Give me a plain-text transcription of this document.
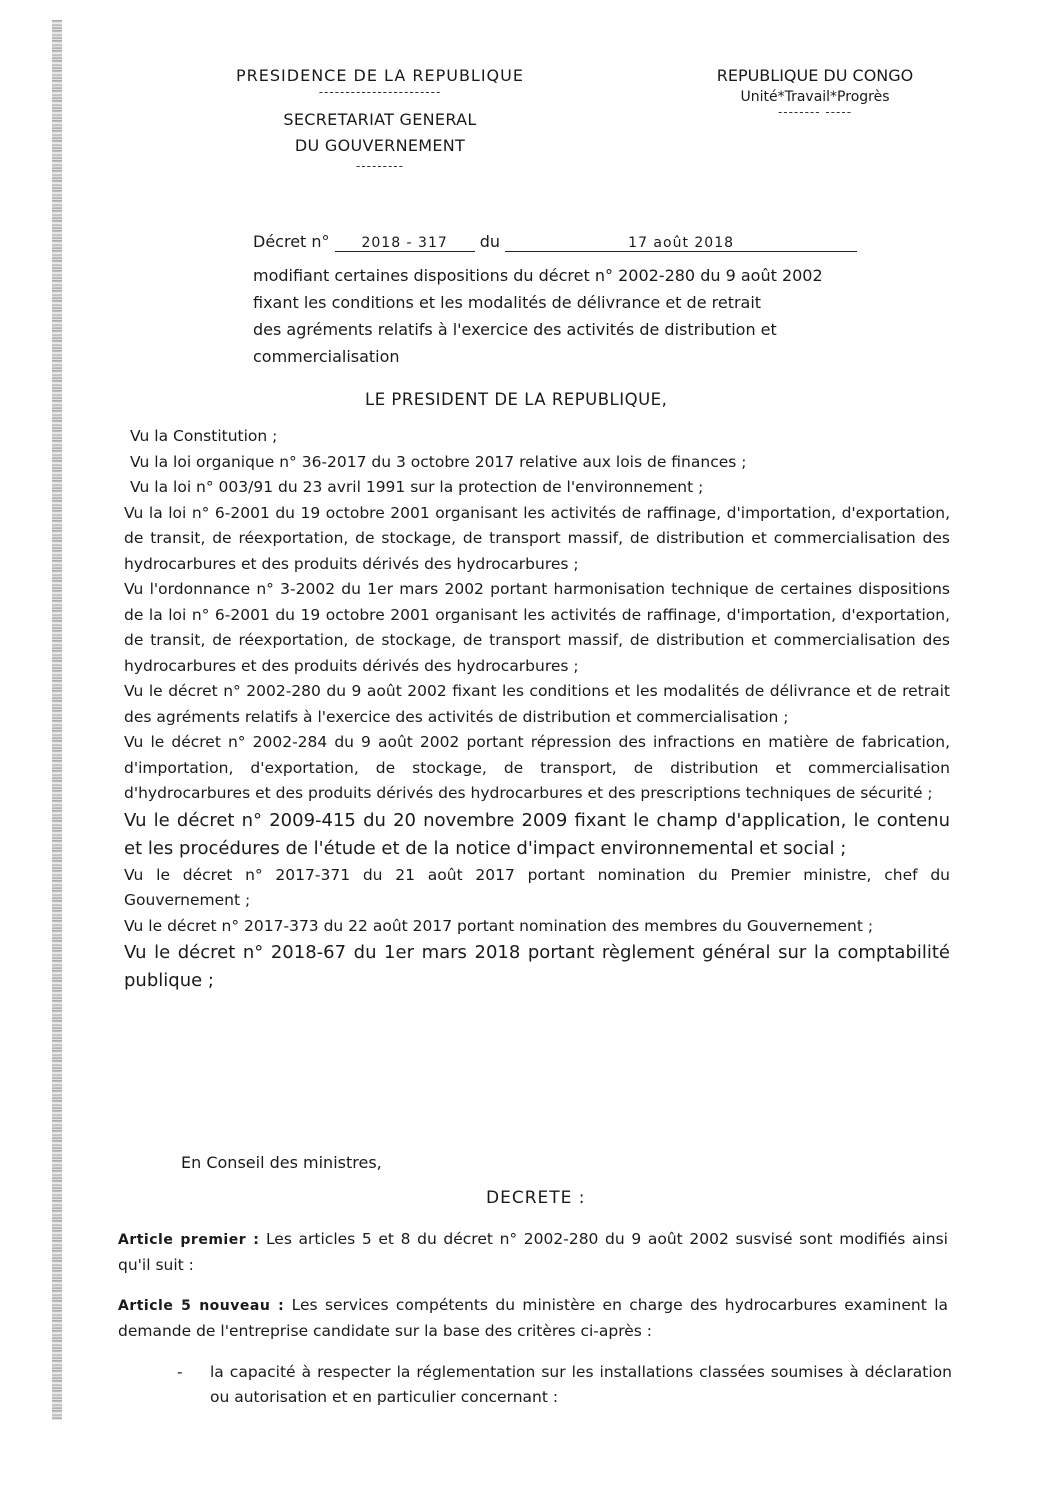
PRESIDENCE DE LA REPUBLIQUE
-----------------------
SECRETARIAT GENERAL
DU GOUVERNEMENT
---------
REPUBLIQUE DU CONGO
Unité*Travail*Progrès
-------- -----
Décret n° 2018 - 317 du	17 août 2018
modifiant certaines dispositions du décret n° 2002-280 du 9 août 2002
fixant les conditions et les modalités de délivrance et de retrait
des agréments relatifs à l'exercice des activités de distribution et
commercialisation
LE PRESIDENT DE LA REPUBLIQUE,

Vu la Constitution ;

Vu la loi organique n° 36-2017 du 3 octobre 2017 relative aux lois de finances ;

Vu la loi n° 003/91 du 23 avril 1991 sur la protection de l'environnement ;

Vu la loi n° 6-2001 du 19 octobre 2001 organisant les activités de raffinage, d'importation, d'exportation, de transit, de réexportation, de stockage, de transport massif, de distribution et commercialisation des hydrocarbures et des produits dérivés des hydrocarbures ;

Vu l'ordonnance n° 3-2002 du 1er mars 2002 portant harmonisation technique de certaines dispositions de la loi n° 6-2001 du 19 octobre 2001 organisant les activités de raffinage, d'importation, d'exportation, de transit, de réexportation, de stockage, de transport massif, de distribution et commercialisation des hydrocarbures et des produits dérivés des hydrocarbures ;

Vu le décret n° 2002-280 du 9 août 2002 fixant les conditions et les modalités de délivrance et de retrait des agréments relatifs à l'exercice des activités de distribution et commercialisation ;

Vu le décret n° 2002-284 du 9 août 2002 portant répression des infractions en matière de fabrication, d'importation, d'exportation, de stockage, de transport, de distribution et commercialisation d'hydrocarbures et des produits dérivés des hydrocarbures et des prescriptions techniques de sécurité ;

Vu le décret n° 2009-415 du 20 novembre 2009 fixant le champ d'application, le contenu et les procédures de l'étude et de la notice d'impact environnemental et social ;

Vu le décret n° 2017-371 du 21 août 2017 portant nomination du Premier ministre, chef du Gouvernement ;

Vu le décret n° 2017-373 du 22 août 2017 portant nomination des membres du Gouvernement ;

Vu le décret n° 2018-67 du 1er mars 2018 portant règlement général sur la comptabilité publique ;

En Conseil des ministres,
DECRETE :
Article premier : Les articles 5 et 8 du décret n° 2002-280 du 9 août 2002 susvisé sont modifiés ainsi qu'il suit :
Article 5 nouveau : Les services compétents du ministère en charge des hydrocarbures examinent la demande de l'entreprise candidate sur la base des critères ci-après :
-	la capacité à respecter la réglementation sur les installations classées soumises à déclaration ou autorisation et en particulier concernant :
